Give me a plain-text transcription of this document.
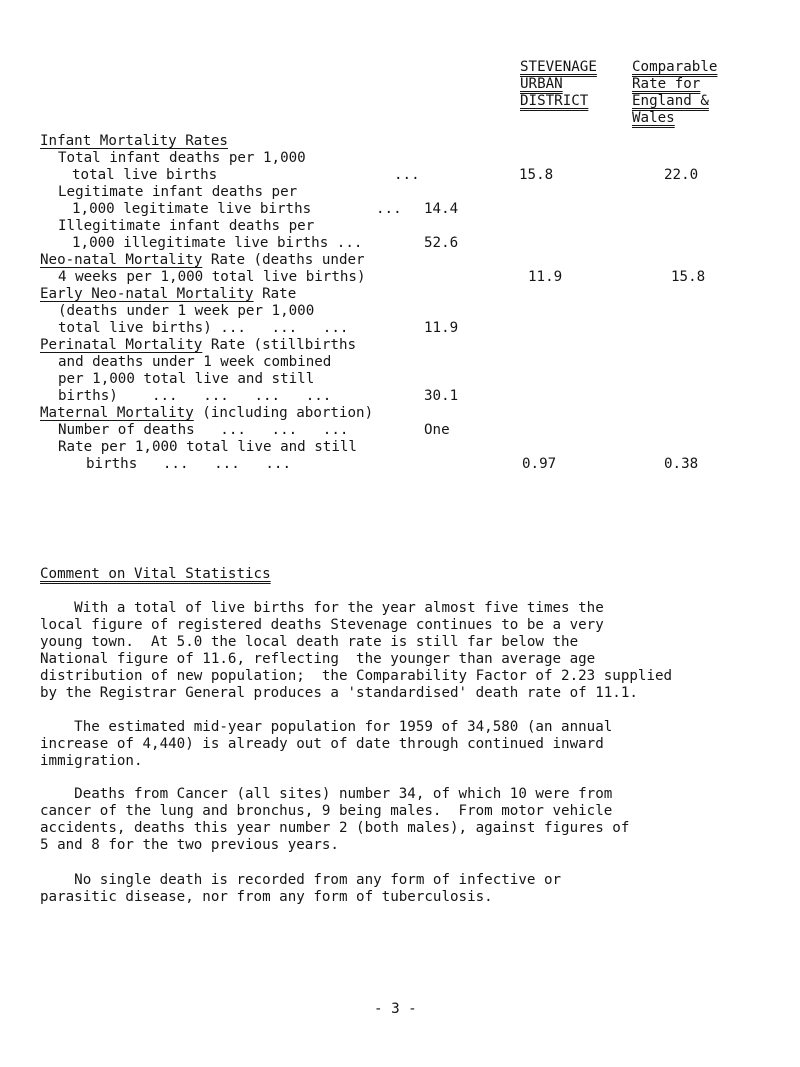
STEVENAGE
URBAN
DISTRICT
Comparable
Rate for
England &
Wales
Infant Mortality Rates
Total infant deaths per 1,000
total live births	...	15.8	22.0
Legitimate infant deaths per
1,000 legitimate live births	... 14.4
Illegitimate infant deaths per
1,000 illegitimate live births ...	52.6
Neo-natal Mortality Rate (deaths under
4 weeks per 1,000 total live births)	11.9	15.8
Early Neo-natal Mortality Rate
(deaths under 1 week per 1,000
total live births) ...   ...   ...	11.9
Perinatal Mortality Rate (stillbirths
and deaths under 1 week combined
per 1,000 total live and still
births)    ...   ...   ...   ...	30.1
Maternal Mortality (including abortion)
Number of deaths   ...   ...   ...	One
Rate per 1,000 total live and still
births   ...   ...   ...	0.97	0.38
Comment on Vital Statistics
With a total of live births for the year almost five times the
local figure of registered deaths Stevenage continues to be a very
young town.  At 5.0 the local death rate is still far below the
National figure of 11.6, reflecting  the younger than average age
distribution of new population;  the Comparability Factor of 2.23 supplied
by the Registrar General produces a 'standardised' death rate of 11.1.
The estimated mid-year population for 1959 of 34,580 (an annual
increase of 4,440) is already out of date through continued inward
immigration.
Deaths from Cancer (all sites) number 34, of which 10 were from
cancer of the lung and bronchus, 9 being males.  From motor vehicle
accidents, deaths this year number 2 (both males), against figures of
5 and 8 for the two previous years.
No single death is recorded from any form of infective or
parasitic disease, nor from any form of tuberculosis.
- 3 -
